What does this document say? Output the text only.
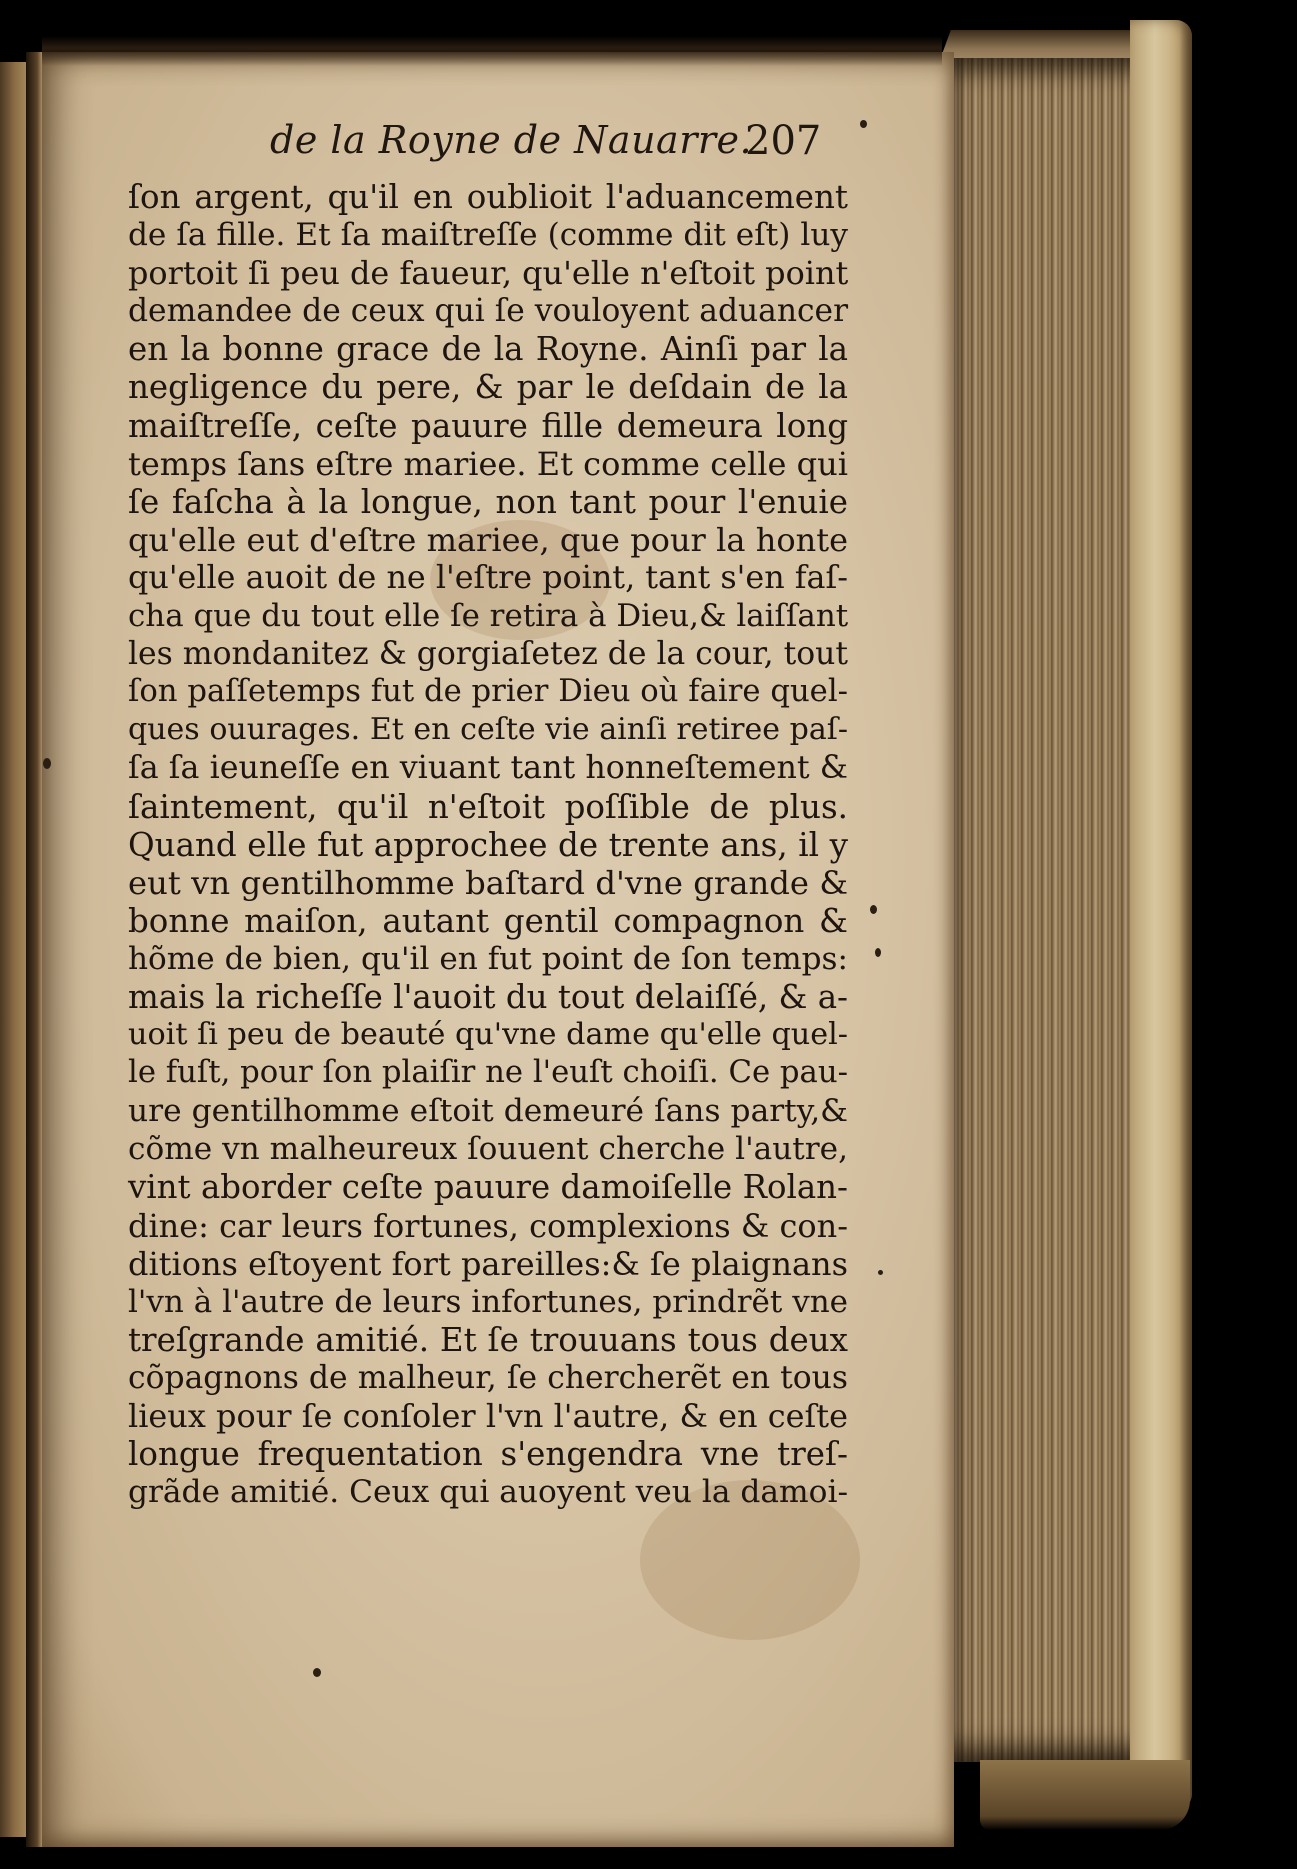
de la Royne de Nauarre.
207
ſon argent, qu'il en oublioit l'aduancement
de ſa fille. Et ſa maiſtreſſe (comme dit eſt) luy
portoit ſi peu de faueur, qu'elle n'eſtoit point
demandee de ceux qui ſe vouloyent aduancer
en la bonne grace de la Royne. Ainſi par la
negligence du pere, & par le deſdain de la
maiſtreſſe, ceſte pauure fille demeura long
temps ſans eſtre mariee. Et comme celle qui
ſe faſcha à la longue, non tant pour l'enuie
qu'elle eut d'eſtre mariee, que pour la honte
qu'elle auoit de ne l'eſtre point, tant s'en faſ-
cha que du tout elle ſe retira à Dieu,& laiſſant
les mondanitez & gorgiaſetez de la cour, tout
ſon paſſetemps fut de prier Dieu où faire quel-
ques ouurages. Et en ceſte vie ainſi retiree paſ-
ſa ſa ieuneſſe en viuant tant honneſtement &
ſaintement, qu'il n'eſtoit poſſible de plus.
Quand elle fut approchee de trente ans, il y
eut vn gentilhomme baſtard d'vne grande &
bonne maiſon, autant gentil compagnon &
hõme de bien, qu'il en fut point de ſon temps:
mais la richeſſe l'auoit du tout delaiſſé, & a-
uoit ſi peu de beauté qu'vne dame qu'elle quel-
le fuſt, pour ſon plaiſir ne l'euſt choiſi. Ce pau-
ure gentilhomme eſtoit demeuré ſans party,&
cõme vn malheureux ſouuent cherche l'autre,
vint aborder ceſte pauure damoiſelle Rolan-
dine: car leurs fortunes, complexions & con-
ditions eſtoyent fort pareilles:& ſe plaignans
l'vn à l'autre de leurs infortunes, prindrẽt vne
treſgrande amitié. Et ſe trouuans tous deux
cõpagnons de malheur, ſe chercherẽt en tous
lieux pour ſe conſoler l'vn l'autre, & en ceſte
longue frequentation s'engendra vne treſ-
grãde amitié. Ceux qui auoyent veu la damoi-
